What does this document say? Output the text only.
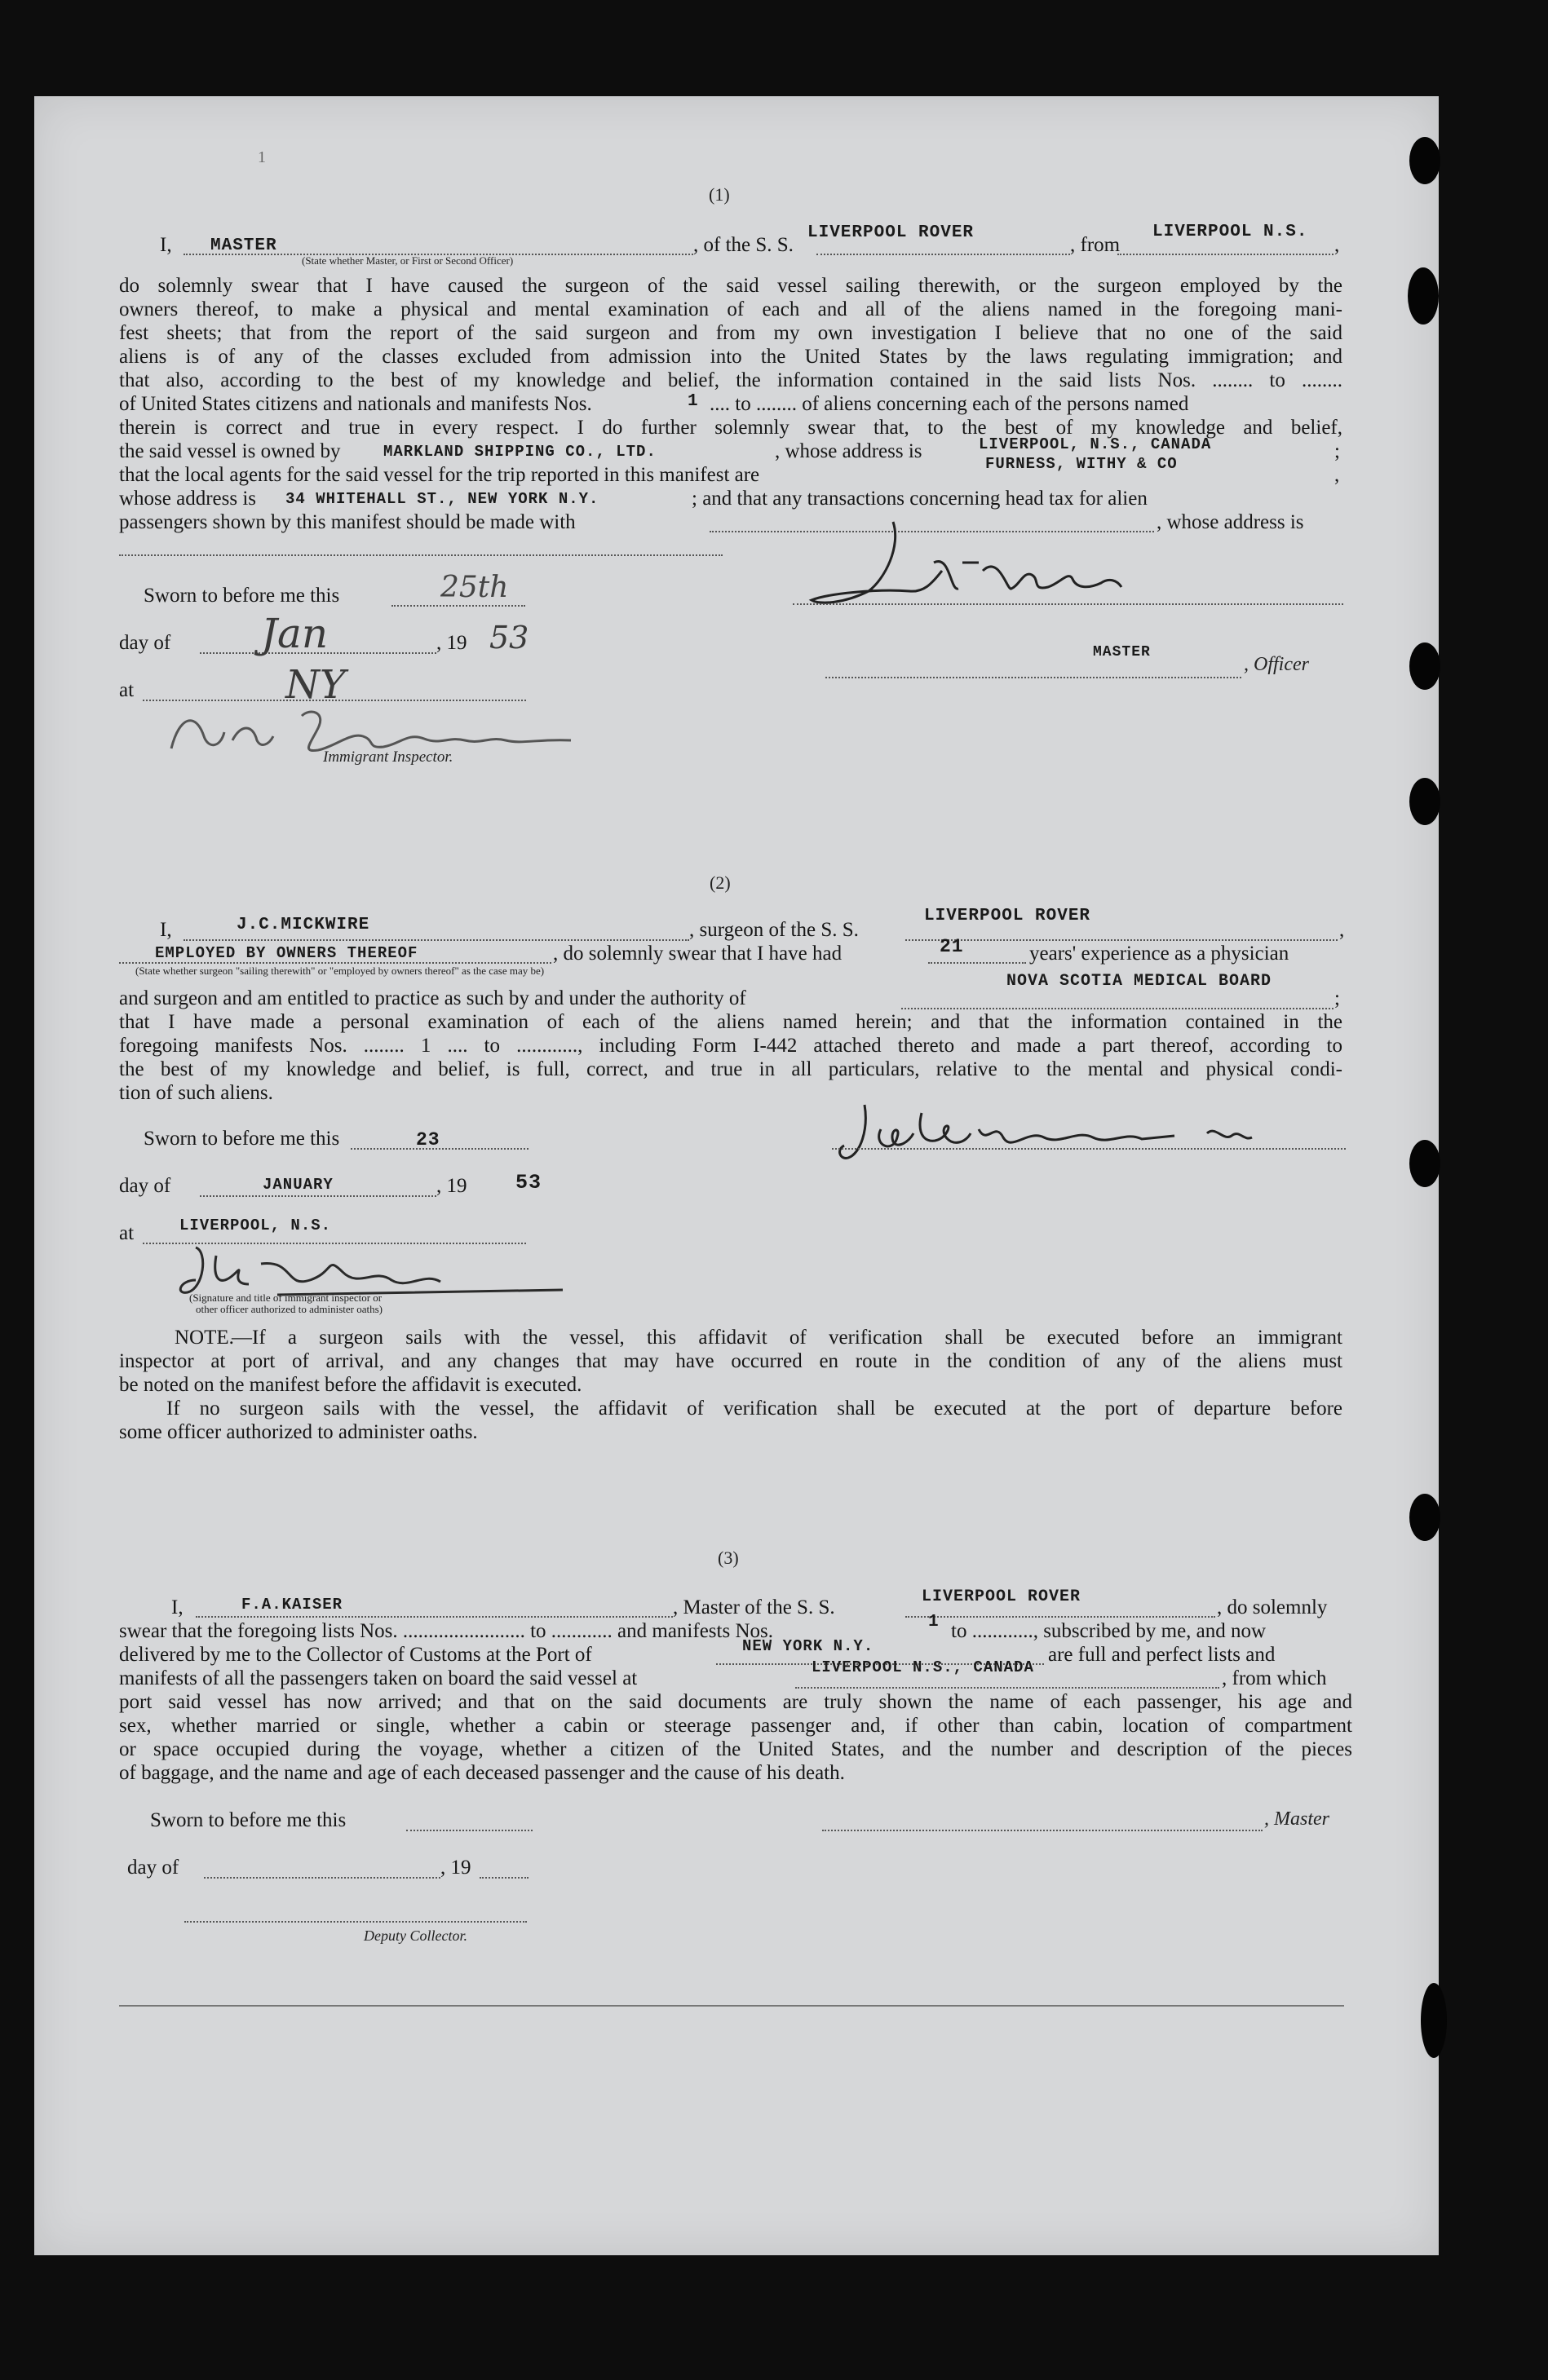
1
(1)
I, MASTER	, of the S. S.
LIVERPOOL ROVER
, from
LIVERPOOL N.S.
,
(State whether Master, or First or Second Officer)
do solemnly swear that I have caused the surgeon of the said vessel sailing therewith, or the surgeon employed by the
owners thereof, to make a physical and mental examination of each and all of the aliens named in the foregoing mani-
fest sheets; that from the report of the said surgeon and from my own investigation I believe that no one of the said
aliens is of any of the classes excluded from admission into the United States by the laws regulating immigration; and
that also, according to the best of my knowledge and belief, the information contained in the said lists Nos. ........ to ........
of United States citizens and nationals and manifests Nos.	1 .... to ........ of aliens concerning each of the persons named
therein is correct and true in every respect. I do further solemnly swear that, to the best of my knowledge and belief,
the said vessel is owned by	MARKLAND SHIPPING CO., LTD.	, whose address is	LIVERPOOL, N.S., CANADA	;
that the local agents for the said vessel for the trip reported in this manifest are	FURNESS, WITHY & CO	,
whose address is 34 WHITEHALL ST., NEW YORK N.Y.	; and that any transactions concerning head tax for alien
passengers shown by this manifest should be made with	, whose address is
Sworn to before me this	25th
day of Jan	, 19 53
at	NY
Immigrant Inspector.
MASTER
, Officer
(2)
I,	J.C.MICKWIRE	, surgeon of the S. S.
LIVERPOOL ROVER
,
EMPLOYED BY OWNERS THEREOF	, do solemnly swear that I have had	21	years' experience as a physician
(State whether surgeon "sailing therewith" or "employed by owners thereof" as the case may be)
and surgeon and am entitled to practice as such by and under the authority of
NOVA SCOTIA MEDICAL BOARD
;
that I have made a personal examination of each of the aliens named herein; and that the information contained in the
foregoing manifests Nos. ........ 1 .... to ............, including Form I-442 attached thereto and made a part thereof, according to
the best of my knowledge and belief, is full, correct, and true in all particulars, relative to the mental and physical condi-
tion of such aliens.
Sworn to before me this	23
day of	JANUARY	, 19 53
at	LIVERPOOL, N.S.
(Signature and title of immigrant inspector or
other officer authorized to administer oaths)
NOTE.
—If a surgeon sails with the vessel, this affidavit of verification shall be executed before an immigrant
inspector at port of arrival, and any changes that may have occurred en route in the condition of any of the aliens must
be noted on the manifest before the affidavit is executed.
If no surgeon sails with the vessel, the affidavit of verification shall be executed at the port of departure before
some officer authorized to administer oaths.
(3)
I,	F.A.KAISER	, Master of the S. S.	LIVERPOOL ROVER	, do solemnly
swear that the foregoing lists Nos. ........................ to ............ and manifests Nos.	1 to ............, subscribed by me, and now
delivered by me to the Collector of Customs at the Port of	NEW YORK N.Y.	are full and perfect lists and
manifests of all the passengers taken on board the said vessel at	LIVERPOOL N.S., CANADA	, from which
port said vessel has now arrived; and that on the said documents are truly shown the name of each passenger, his age and
sex, whether married or single, whether a cabin or steerage passenger and, if other than cabin, location of compartment
or space occupied during the voyage, whether a citizen of the United States, and the number and description of the pieces
of baggage, and the name and age of each deceased passenger and the cause of his death.
Sworn to before me this	, Master
day of	, 19
Deputy Collector.
